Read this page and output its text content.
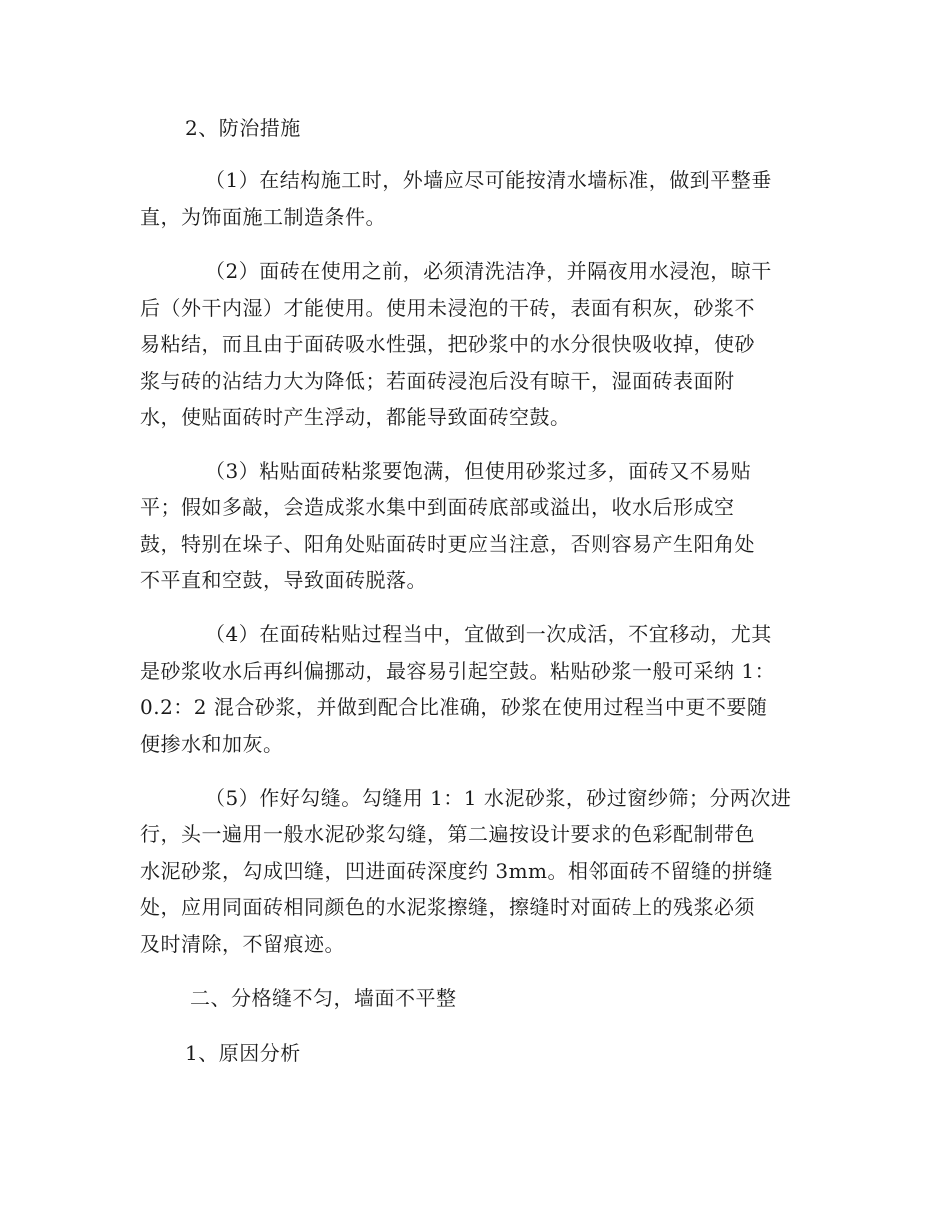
2、防治措施
（1）在结构施工时，外墙应尽可能按清水墙标准，做到平整垂
直，为饰面施工制造条件。
（2）面砖在使用之前，必须清洗洁净，并隔夜用水浸泡，晾干
后（外干内湿）才能使用。使用未浸泡的干砖，表面有积灰，砂浆不
易粘结，而且由于面砖吸水性强，把砂浆中的水分很快吸收掉，使砂
浆与砖的沾结力大为降低；若面砖浸泡后没有晾干，湿面砖表面附
水，使贴面砖时产生浮动，都能导致面砖空鼓。
（3）粘贴面砖粘浆要饱满，但使用砂浆过多，面砖又不易贴
平；假如多敲，会造成浆水集中到面砖底部或溢出，收水后形成空
鼓，特别在垛子、阳角处贴面砖时更应当注意，否则容易产生阳角处
不平直和空鼓，导致面砖脱落。
（4）在面砖粘贴过程当中，宜做到一次成活，不宜移动，尤其
是砂浆收水后再纠偏挪动，最容易引起空鼓。粘贴砂浆一般可采纳 1：
0.2：2 混合砂浆，并做到配合比准确，砂浆在使用过程当中更不要随
便掺水和加灰。
（5）作好勾缝。勾缝用 1：1 水泥砂浆，砂过窗纱筛；分两次进
行，头一遍用一般水泥砂浆勾缝，第二遍按设计要求的色彩配制带色
水泥砂浆，勾成凹缝，凹进面砖深度约 3mm。相邻面砖不留缝的拼缝
处，应用同面砖相同颜色的水泥浆擦缝，擦缝时对面砖上的残浆必须
及时清除，不留痕迹。
二、分格缝不匀，墙面不平整
1、原因分析
